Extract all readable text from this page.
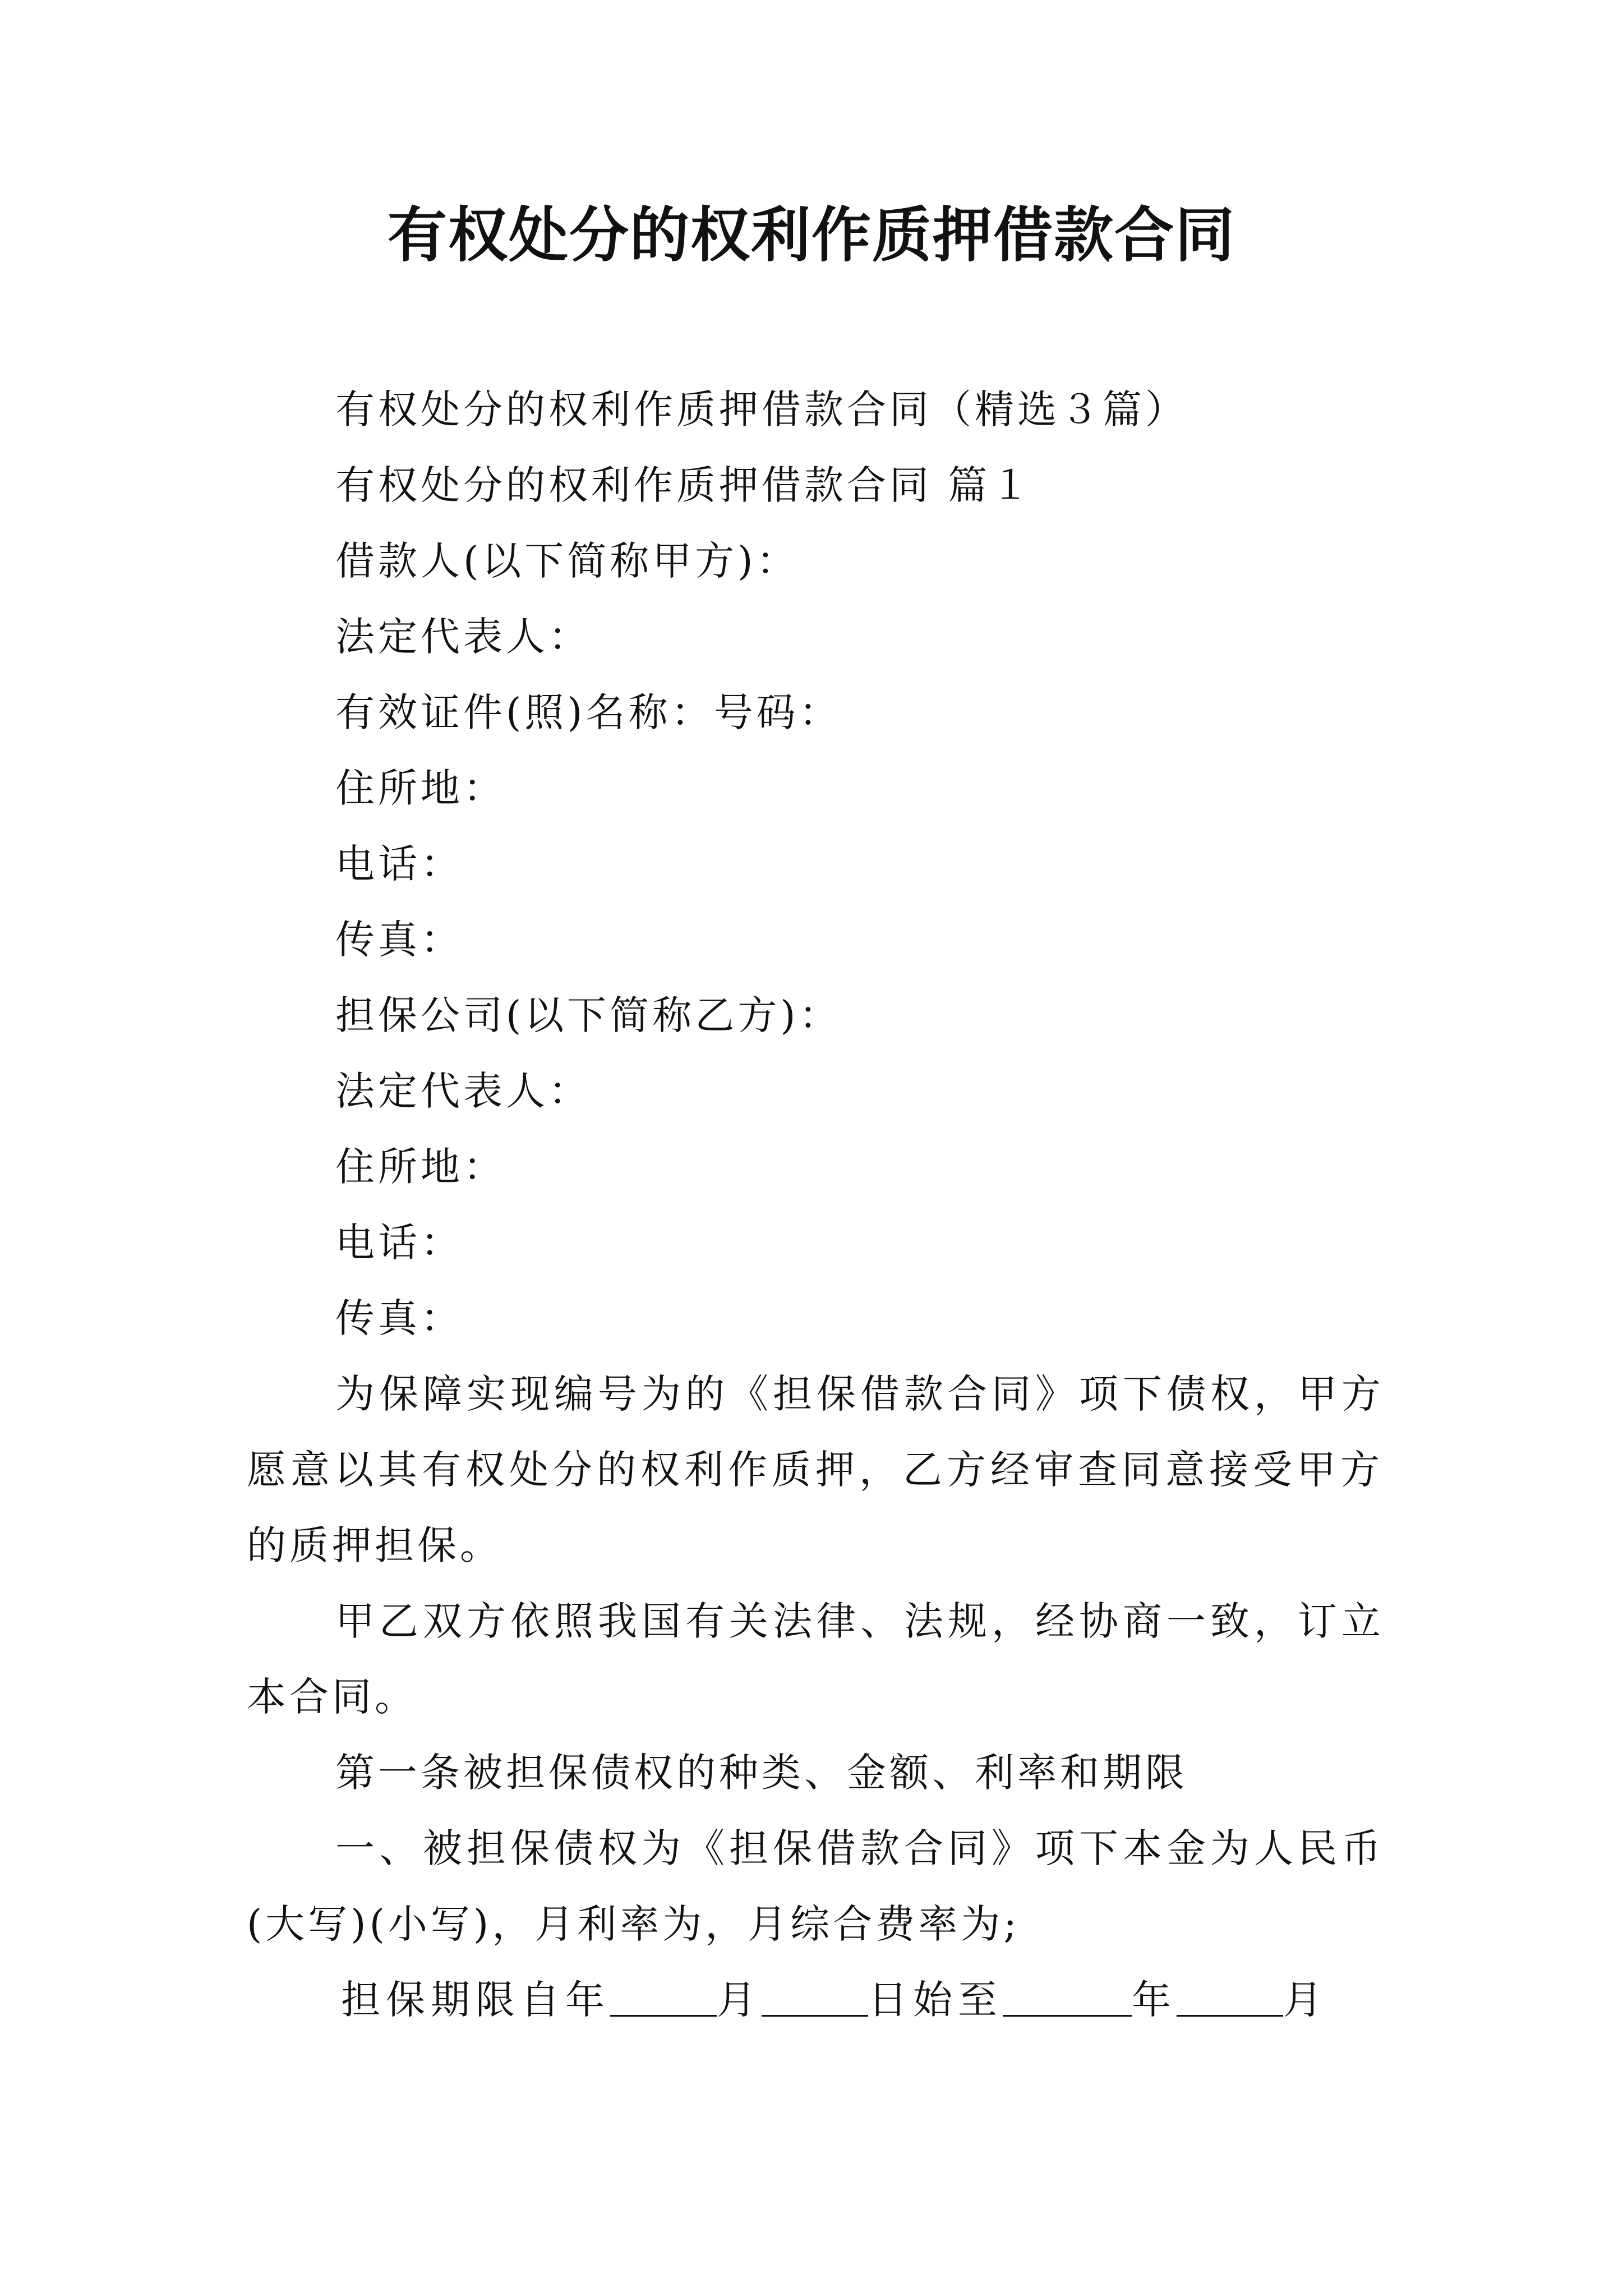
有权处分的权利作质押借款合同
有权处分的权利作质押借款合同（精选３篇）
有权处分的权利作质押借款合同 篇１
借款人(以下简称甲方)：
法定代表人：
有效证件(照)名称：号码：
住所地：
电话：
传真：
担保公司(以下简称乙方)：
法定代表人：
住所地：
电话：
传真：
为保障实现编号为的《担保借款合同》项下债权，甲方
愿意以其有权处分的权利作质押，乙方经审查同意接受甲方
的质押担保。
甲乙双方依照我国有关法律、法规，经协商一致，订立
本合同。
第一条被担保债权的种类、金额、利率和期限
一、被担保债权为《担保借款合同》项下本金为人民币
(大写)(小写)，月利率为，月综合费率为;
担保期限自年	月	日始至	年	月
